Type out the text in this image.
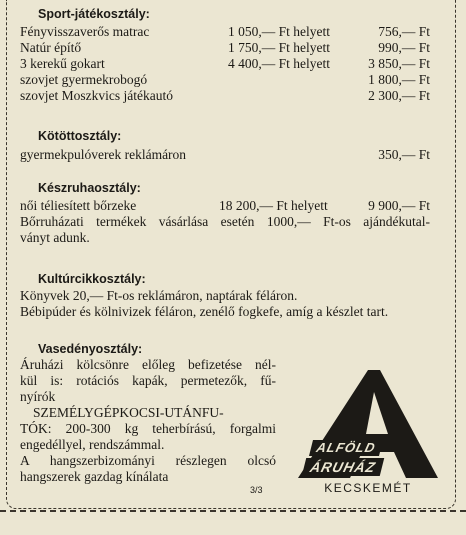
Sport-játékosztály:
Fényvisszaverős matrac	1 050,— Ft helyett	756,— Ft
Natúr építő	1 750,— Ft helyett	990,— Ft
3 kerekű gokart	4 400,— Ft helyett	3 850,— Ft
szovjet gyermekrobogó	1 800,— Ft
szovjet Moszkvics játékautó	2 300,— Ft
Kötöttosztály:
gyermekpulóverek reklámáron	350,— Ft
Készruhaosztály:
női téliesített bőrzeke	18 200,— Ft helyett	9 900,— Ft
Bőrruházati termékek vásárlása esetén 1000,— Ft-os ajándékutal-
ványt adunk.
Kultúrcikkosztály:
Könyvek 20,— Ft-os reklámáron, naptárak féláron.
Bébipúder és kölnivizek féláron, zenélő fogkefe, amíg a készlet tart.
Vasedényosztály:
Áruházi kölcsönre előleg befizetése nél-
kül is: rotációs kapák, permetezők, fű-
nyírók
SZEMÉLYGÉPKOCSI-UTÁNFU-
TÓK: 200-300 kg teherbírású, forgalmi
engedéllyel, rendszámmal.
A hangszerbizományi részlegen olcsó
hangszerek gazdag kínálata
ALFÖLD
ÁRUHÁZ
KECSKEMÉT
3/3
